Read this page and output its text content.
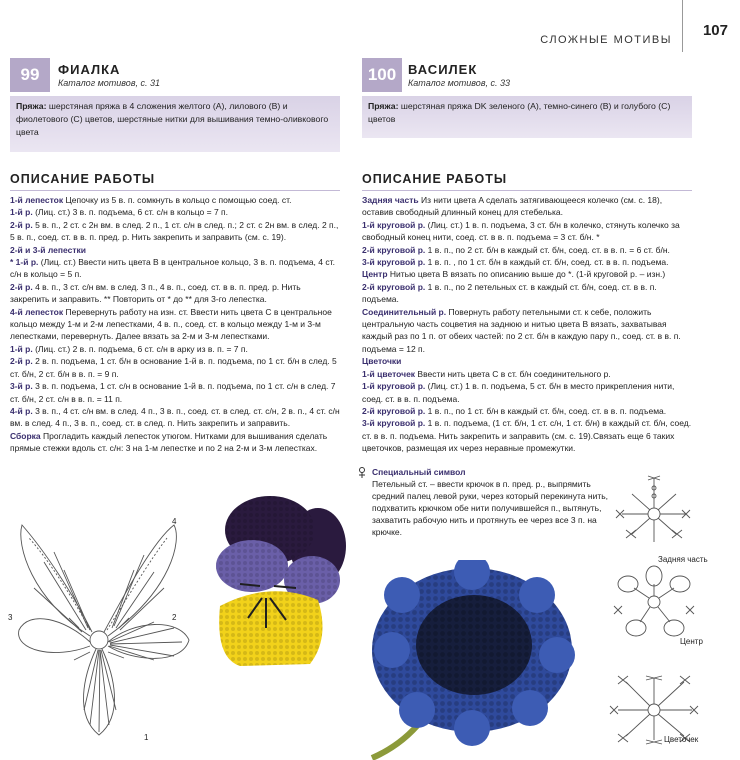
СЛОЖНЫЕ МОТИВЫ
107
99	ФИАЛКА
Каталог мотивов, с. 31
Пряжа: шерстяная пряжа в 4 сложения желтого (A), лилового (B) и фиолетового (C) цветов, шерстяные нитки для вышивания темно-оливкового цвета
ОПИСАНИЕ РАБОТЫ

1-й лепесток Цепочку из 5 в. п. сомкнуть в кольцо с помощью соед. ст.

1-й р. (Лиц. ст.) 3 в. п. подъема, 6 ст. с/н в кольцо = 7 п.

2-й р. 5 в. п., 2 ст. с 2н вм. в след. 2 п., 1 ст. с/н в след. п.; 2 ст. с 2н вм. в след. 2 п., 5 в. п., соед. ст. в в. п. пред. р. Нить закрепить и заправить (см. с. 19).

2-й и 3-й лепестки

* 1-й р. (Лиц. ст.) Ввести нить цвета B в центральное кольцо, 3 в. п. подъема, 4 ст. с/н в кольцо = 5 п.

2-й р. 4 в. п., 3 ст. с/н вм. в след. 3 п., 4 в. п., соед. ст. в в. п. пред. р. Нить закрепить и заправить. ** Повторить от * до ** для 3-го лепестка.

4-й лепесток Перевернуть работу на изн. ст. Ввести нить цвета C в центральное кольцо между 1-м и 2-м лепестками, 4 в. п., соед. ст. в кольцо между 1-м и 3-м лепестками, перевернуть. Далее вязать за 2-м и 3-м лепестками.

1-й р. (Лиц. ст.) 2 в. п. подъема, 6 ст. с/н в арку из в. п. = 7 п.

2-й р. 2 в. п. подъема, 1 ст. б/н в основание 1-й в. п. подъема, по 1 ст. б/н в след. 5 ст. б/н, 2 ст. б/н в в. п. = 9 п.

3-й р. 3 в. п. подъема, 1 ст. с/н в основание 1-й в. п. подъема, по 1 ст. с/н в след. 7 ст. б/н, 2 ст. с/н в в. п. = 11 п.

4-й р. 3 в. п., 4 ст. с/н вм. в след. 4 п., 3 в. п., соед. ст. в след. ст. с/н, 2 в. п., 4 ст. с/н вм. в след. 4 п., 3 в. п., соед. ст. в след. п. Нить закрепить и заправить.

Сборка Прогладить каждый лепесток утюгом. Нитками для вышивания сделать прямые стежки вдоль ст. с/н: 3 на 1-м лепестке и по 2 на 2-м и 3-м лепестках.

4
2
3
1
100 ВАСИЛЕК
Каталог мотивов, с. 33
Пряжа: шерстяная пряжа DK зеленого (A), темно-синего (B) и голубого (C) цветов
ОПИСАНИЕ РАБОТЫ

Задняя часть Из нити цвета A сделать затягивающееся колечко (см. с. 18), оставив свободный длинный конец для стебелька.

1-й круговой р. (Лиц. ст.) 1 в. п. подъема, 3 ст. б/н в колечко, стянуть колечко за свободный конец нити, соед. ст. в в. п. подъема = 3 ст. б/н. *

2-й круговой р. 1 в. п., по 2 ст. б/н в каждый ст. б/н, соед. ст. в в. п. = 6 ст. б/н.

3-й круговой р. 1 в. п. , по 1 ст. б/н в каждый ст. б/н, соед. ст. в в. п. подъема.

Центр Нитью цвета B вязать по описанию выше до *. (1-й круговой р. – изн.)

2-й круговой р. 1 в. п., по 2 петельных ст. в каждый ст. б/н, соед. ст. в в. п. подъема.

Соединительный р. Повернуть работу петельными ст. к себе, положить центральную часть соцветия на заднюю и нитью цвета B вязать, захватывая каждый раз по 1 п. от обеих частей: по 2 ст. б/н в каждую пару п., соед. ст. в в. п. подъема = 12 п.

Цветочки

1-й цветочек Ввести нить цвета C в ст. б/н соединительного р.

1-й круговой р. (Лиц. ст.) 1 в. п. подъема, 5 ст. б/н в место прикрепления нити, соед. ст. в в. п. подъема.

2-й круговой р. 1 в. п., по 1 ст. б/н в каждый ст. б/н, соед. ст. в в. п. подъема.

3-й круговой р. 1 в. п. подъема, (1 ст. б/н, 1 ст. с/н, 1 ст. б/н) в каждый ст. б/н, соед. ст. в в. п. подъема. Нить закрепить и заправить (см. с. 19).Связать еще 6 таких цветочков, размещая их через неравные промежутки.

Специальный символ
Петельный ст. – ввести крючок в п. пред. р., выпрямить средний палец левой руки, через который перекинута нить, подхватить крючком обе нити получившейся п., вытянуть, захватить рабочую нить и протянуть ее через все 3 п. на крючке.
Задняя часть
Центр
Цветочек
